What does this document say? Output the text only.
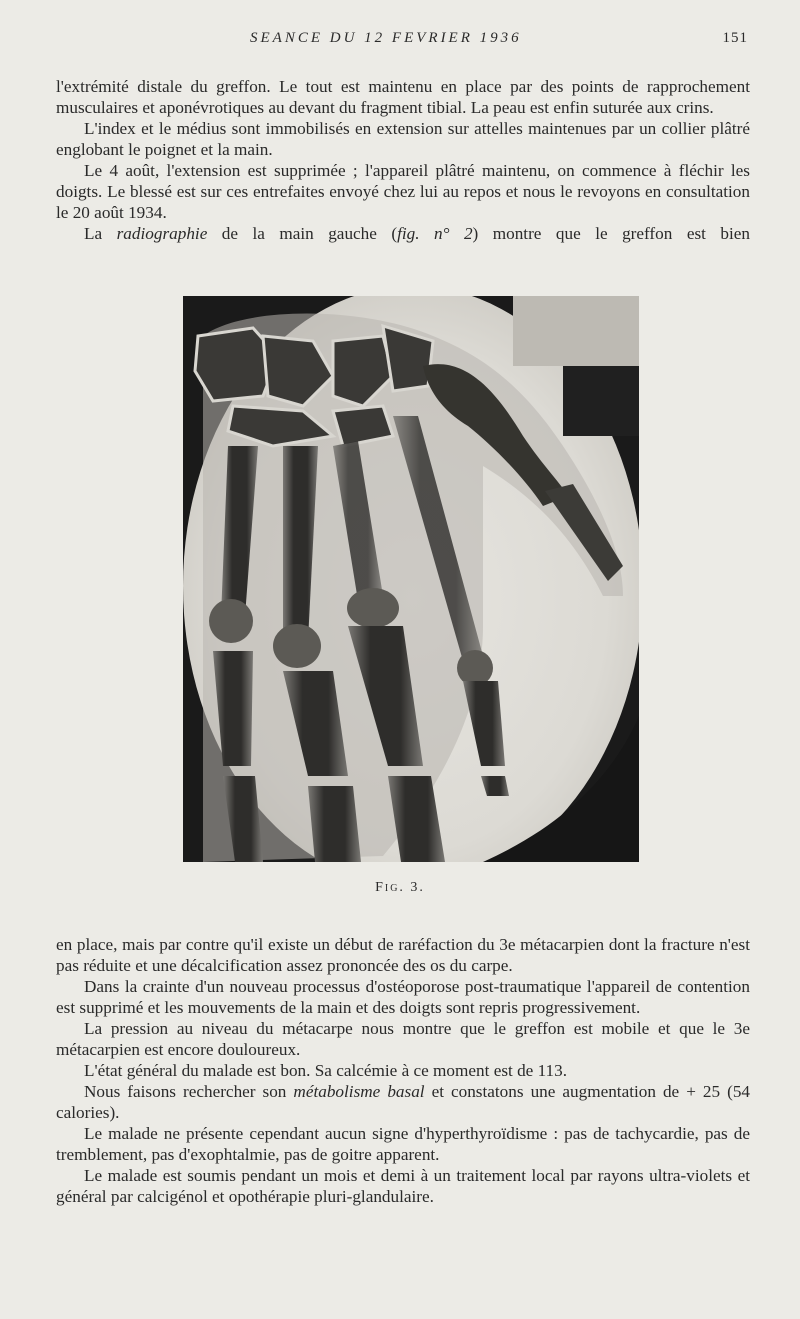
SEANCE DU 12 FEVRIER 1936	151

l'extrémité distale du greffon. Le tout est maintenu en place par des points de rapprochement musculaires et aponévrotiques au devant du fragment tibial. La peau est enfin suturée aux crins.

L'index et le médius sont immobilisés en extension sur attelles maintenues par un collier plâtré englobant le poignet et la main.

Le 4 août, l'extension est supprimée ; l'appareil plâtré maintenu, on commence à fléchir les doigts. Le blessé est sur ces entrefaites envoyé chez lui au repos et nous le revoyons en consultation le 20 août 1934.

La radiographie de la main gauche (fig. n° 2) montre que le greffon est bien

Fig. 3.

en place, mais par contre qu'il existe un début de raréfaction du 3e métacarpien dont la fracture n'est pas réduite et une décalcification assez prononcée des os du carpe.

Dans la crainte d'un nouveau processus d'ostéoporose post-traumatique l'appareil de contention est supprimé et les mouvements de la main et des doigts sont repris progressivement.

La pression au niveau du métacarpe nous montre que le greffon est mobile et que le 3e métacarpien est encore douloureux.

L'état général du malade est bon. Sa calcémie à ce moment est de 113.

Nous faisons rechercher son métabolisme basal et constatons une augmentation de + 25 (54 calories).

Le malade ne présente cependant aucun signe d'hyperthyroïdisme : pas de tachycardie, pas de tremblement, pas d'exophtalmie, pas de goitre apparent.

Le malade est soumis pendant un mois et demi à un traitement local par rayons ultra-violets et général par calcigénol et opothérapie pluri-glandulaire.
